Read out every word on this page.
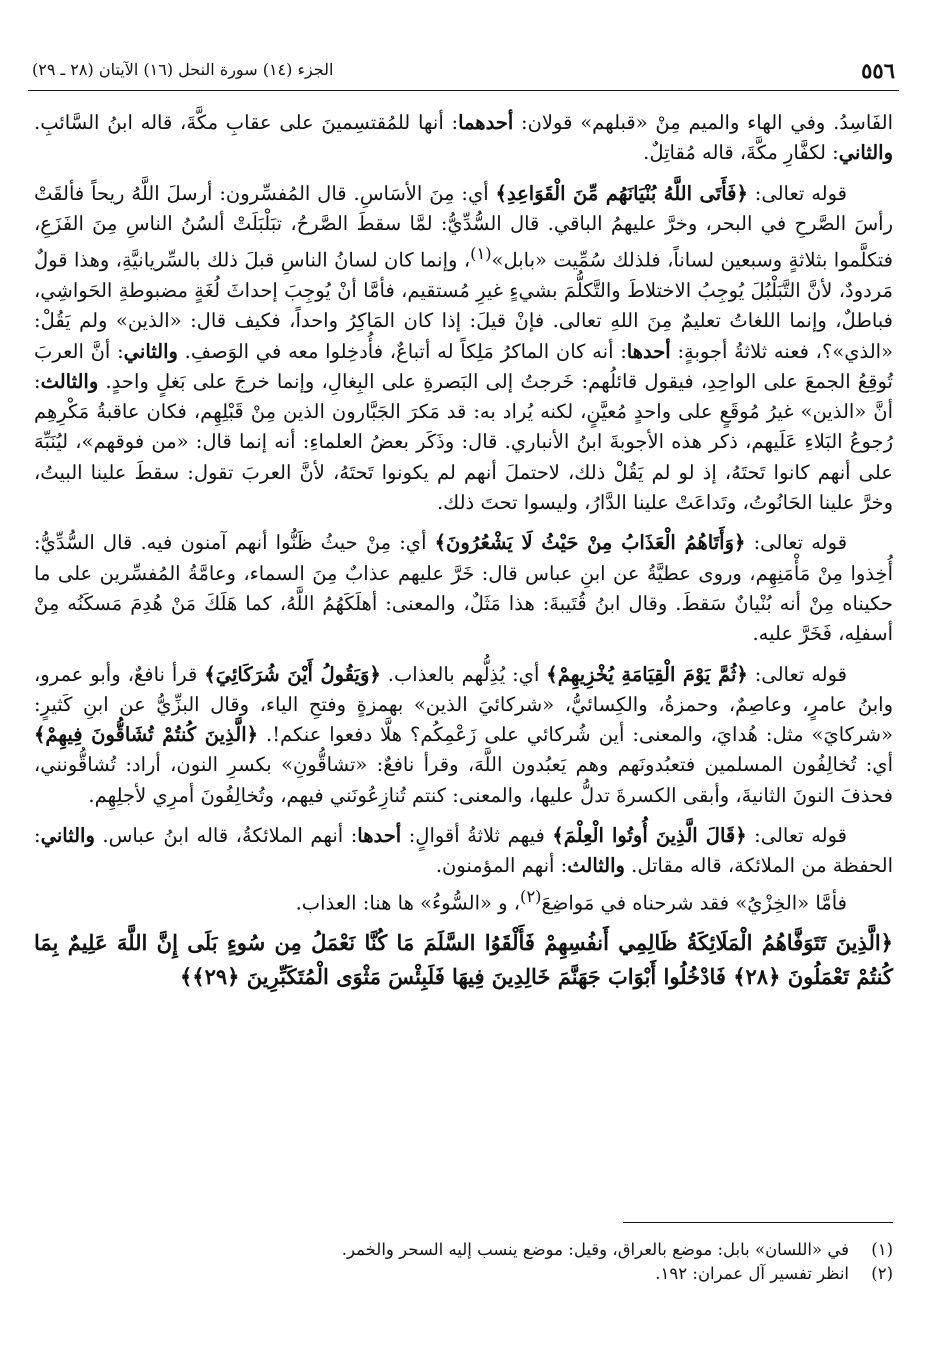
٥٥٦
الجزء (١٤) سورة النحل (١٦) الآيتان (٢٨ ـ ٢٩)

الفَاسِدُ. وفي الهاء والميم مِنْ «قبلهم» قولان: أحدهما: أنها للمُقتسِمينَ على عقابِ مكَّةَ، قاله ابنُ السَّائبِ. والثاني: لكفَّارِ مكَّةَ، قاله مُقاتِلٌ.

قوله تعالى: ﴿فَأَتَى اللَّهُ بُنْيَانَهُم مِّنَ الْقَوَاعِدِ﴾ أي: مِنَ الأسَاسِ. قال المُفسِّرون: أرسلَ اللَّهُ ريحاً فألقَتْ رأسَ الصَّرحِ في البحر، وخرَّ عليهمُ الباقي. قال السُّدِّيُّ: لمَّا سقطَ الصَّرحُ، تبَلْبَلَتْ ألسُنُ الناسِ مِنَ الفَزَعِ، فتكلَّموا بثلاثةٍ وسبعين لساناً، فلذلك سُمِّيت «بابل»$^{(١)}$، وإنما كان لسانُ الناسِ قبلَ ذلك بالسِّريانيَّةِ، وهذا قولٌ مَردودٌ، لأنَّ التَّبَلْبُلَ يُوجِبُ الاختلاطَ والتَّكلُّمَ بشيءٍ غيرِ مُستقيم، فأمَّا أنْ يُوجِبَ إحداثَ لُغَةٍ مضبوطةِ الحَواشِي، فباطلٌ، وإنما اللغاتُ تعليمٌ مِنَ اللهِ تعالى. فإنْ قيلَ: إذا كان المَاكِرُ واحداً، فكيف قال: «الذين» ولم يَقُلْ: «الذي»؟، فعنه ثلاثةُ أجوبةٍ: أحدها: أنه كان الماكرُ مَلِكاً له أتباعٌ، فأُدخِلوا معه في الوَصفِ. والثاني: أنَّ العربَ تُوقِعُ الجمعَ على الواحِدِ، فيقول قائلُهم: خَرجتُ إلى البَصرةِ على البِغالِ، وإنما خرجَ على بَغلٍ واحدٍ. والثالث: أنَّ «الذين» غيرُ مُوقَعٍ على واحدٍ مُعيَّنٍ، لكنه يُراد به: قد مَكرَ الجَبَّارون الذين مِنْ قَبْلِهِم، فكان عاقبةُ مَكْرِهِم رُجوعُ البَلاءِ عَلَيهم، ذكر هذه الأجوبةَ ابنُ الأنباري. قال: وذَكَر بعضُ العلماءِ: أنه إنما قال: «من فوقهم»، ليُنَبِّهَ على أنهم كانوا تَحتَهُ، إذ لو لم يَقُلْ ذلك، لاحتملَ أنهم لم يكونوا تَحتَهُ، لأنَّ العربَ تقول: سقطَ علينا البيتُ، وخرَّ علينا الحَانُوتُ، وتَداعَتْ علينا الدَّارُ، وليسوا تحتَ ذلك.

قوله تعالى: ﴿وَأَتَاهُمُ الْعَذَابُ مِنْ حَيْثُ لَا يَشْعُرُونَ﴾ أي: مِنْ حيثُ ظَنُّوا أنهم آمنون فيه. قال السُّدِّيُّ: أُخِذوا مِنْ مَأْمَنِهِم، وروى عطيَّةُ عن ابنِ عباس قال: خَرَّ عليهم عذابٌ مِنَ السماء، وعامَّةُ المُفسِّرين على ما حكيناه مِنْ أنه بُنْيانٌ سَقطَ. وقال ابنُ قُتَيبةَ: هذا مَثَلٌ، والمعنى: أهلَكَهُمُ اللَّهُ، كما هَلَكَ مَنْ هُدِمَ مَسكَنُه مِنْ أسفلِه، فَخَرَّ عليه.

قوله تعالى: ﴿ثُمَّ يَوْمَ الْقِيَامَةِ يُخْزِيهِمْ﴾ أي: يُذِلُّهم بالعذاب. ﴿وَيَقُولُ أَيْنَ شُرَكَائِيَ﴾ قرأ نافعٌ، وأبو عمرو، وابنُ عامرٍ، وعاصِمٌ، وحمزةُ، والكِسائيُّ، «شركائيَ الذين» بهمزةٍ وفتحِ الياء، وقال البزِّيُّ عن ابنِ كَثيرٍ: «شركايَ» مثل: هُدايَ، والمعنى: أين شُركائي على زَعْمِكُم؟ هلَّا دفعوا عنكم!. ﴿الَّذِينَ كُنتُمْ تُشَاقُّونَ فِيهِمْ﴾ أي: تُخالِفُون المسلمين فتعبُدونَهم وهم يَعبُدون اللَّهَ، وقرأ نافعٌ: «تشاقُّونِ» بكسرِ النون، أراد: تُشاقُّونني، فحذفَ النونَ الثانيةَ، وأبقى الكسرةَ تدلُّ عليها، والمعنى: كنتم تُنازِعُونَني فيهم، وتُخالِفُونَ أمرِي لأجلِهِم.

قوله تعالى: ﴿قَالَ الَّذِينَ أُوتُوا الْعِلْمَ﴾ فيهم ثلاثةُ أقوالٍ: أحدها: أنهم الملائكةُ، قاله ابنُ عباس. والثاني: الحفظة من الملائكة، قاله مقاتل. والثالث: أنهم المؤمنون.

فأمَّا «الخِزْيُ» فقد شرحناه في مَواضِعَ$^{(٢)}$، و «السُّوءُ» ها هنا: العذاب.

﴿الَّذِينَ تَتَوَفَّاهُمُ الْمَلَائِكَةُ ظَالِمِي أَنفُسِهِمْ فَأَلْقَوُا السَّلَمَ مَا كُنَّا نَعْمَلُ مِن سُوءٍ بَلَى إِنَّ اللَّهَ عَلِيمٌ بِمَا كُنتُمْ تَعْمَلُونَ ﴿٢٨﴾ فَادْخُلُوا أَبْوَابَ جَهَنَّمَ خَالِدِينَ فِيهَا فَلَبِئْسَ مَثْوَى الْمُتَكَبِّرِينَ ﴿٢٩﴾﴾

(١)في «اللسان» بابل: موضع بالعراق، وقيل: موضع ينسب إليه السحر والخمر.

(٢)انظر تفسير آل عمران: ١٩٢.
